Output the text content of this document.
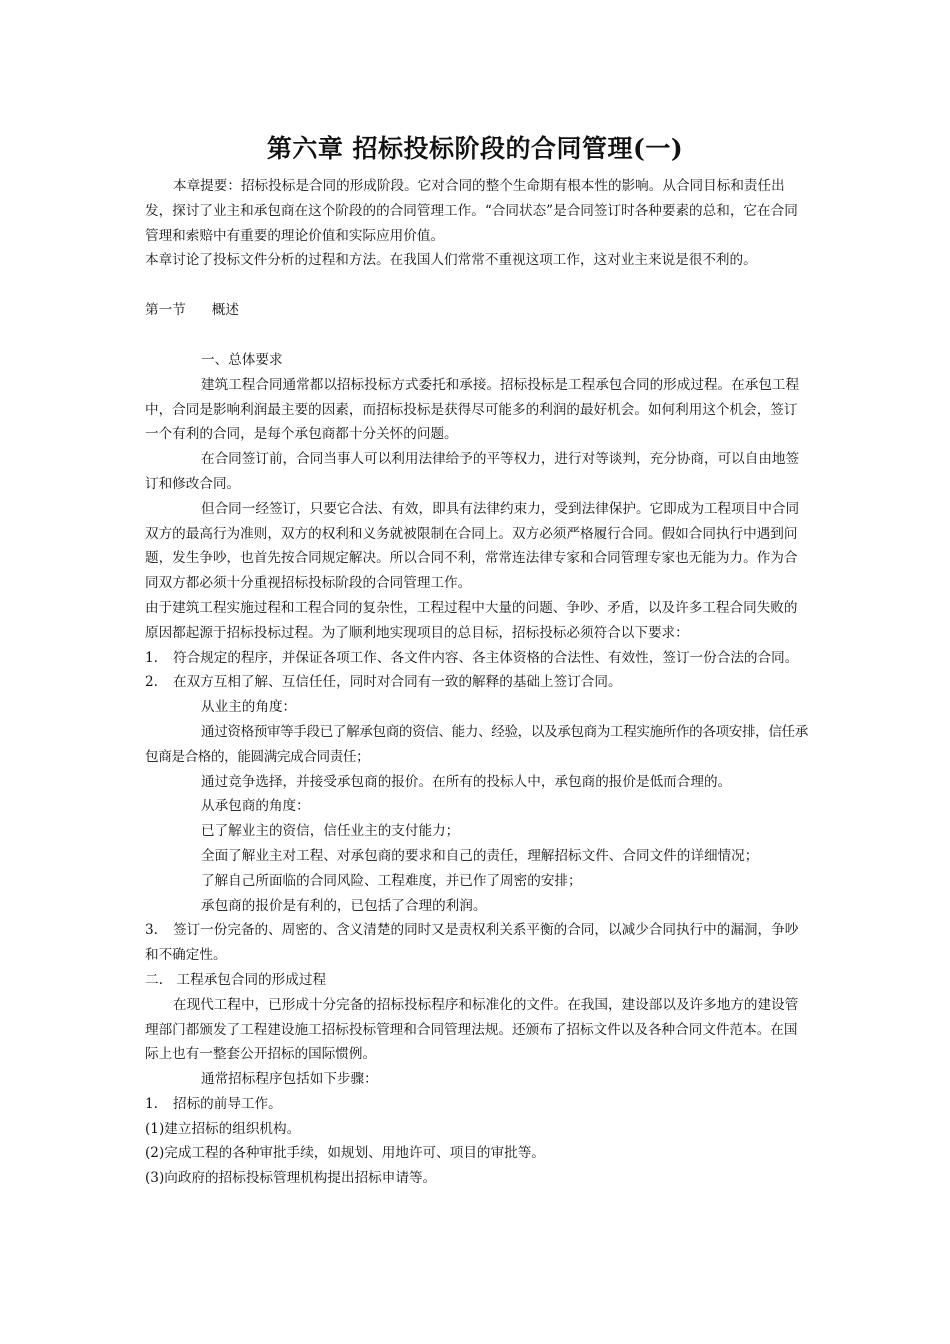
第六章 招标投标阶段的合同管理(一)

本章提要：招标投标是合同的形成阶段。它对合同的整个生命期有根本性的影响。从合同目标和责任出发，探讨了业主和承包商在这个阶段的的合同管理工作。“合同状态”是合同签订时各种要素的总和，它在合同管理和索赔中有重要的理论价值和实际应用价值。

本章讨论了投标文件分析的过程和方法。在我国人们常常不重视这项工作，这对业主来说是很不利的。

第一节 概述

一、总体要求

建筑工程合同通常都以招标投标方式委托和承接。招标投标是工程承包合同的形成过程。在承包工程中，合同是影响利润最主要的因素，而招标投标是获得尽可能多的利润的最好机会。如何利用这个机会，签订一个有利的合同，是每个承包商都十分关怀的问题。

在合同签订前，合同当事人可以利用法律给予的平等权力，进行对等谈判，充分协商，可以自由地签订和修改合同。

但合同一经签订，只要它合法、有效，即具有法律约束力，受到法律保护。它即成为工程项目中合同双方的最高行为准则，双方的权利和义务就被限制在合同上。双方必须严格履行合同。假如合同执行中遇到问题，发生争吵，也首先按合同规定解决。所以合同不利，常常连法律专家和合同管理专家也无能为力。作为合同双方都必须十分重视招标投标阶段的合同管理工作。

由于建筑工程实施过程和工程合同的复杂性，工程过程中大量的问题、争吵、矛盾，以及许多工程合同失败的原因都起源于招标投标过程。为了顺利地实现项目的总目标，招标投标必须符合以下要求：

1. 符合规定的程序，并保证各项工作、各文件内容、各主体资格的合法性、有效性，签订一份合法的合同。

2. 在双方互相了解、互信任任，同时对合同有一致的解释的基础上签订合同。

从业主的角度：

通过资格预审等手段已了解承包商的资信、能力、经验，以及承包商为工程实施所作的各项安排，信任承包商是合格的，能圆满完成合同责任；

通过竞争选择，并接受承包商的报价。在所有的投标人中，承包商的报价是低而合理的。

从承包商的角度：

已了解业主的资信，信任业主的支付能力；

全面了解业主对工程、对承包商的要求和自己的责任，理解招标文件、合同文件的详细情况；

了解自己所面临的合同风险、工程难度，并已作了周密的安排；

承包商的报价是有利的，已包括了合理的利润。

3. 签订一份完备的、周密的、含义清楚的同时又是责权利关系平衡的合同，以减少合同执行中的漏洞，争吵和不确定性。

二.　工程承包合同的形成过程

在现代工程中，已形成十分完备的招标投标程序和标准化的文件。在我国，建设部以及许多地方的建设管理部门都颁发了工程建设施工招标投标管理和合同管理法规。还颁布了招标文件以及各种合同文件范本。在国际上也有一整套公开招标的国际惯例。

通常招标程序包括如下步骤：

1. 招标的前导工作。

(1)建立招标的组织机构。

(2)完成工程的各种审批手续，如规划、用地许可、项目的审批等。

(3)向政府的招标投标管理机构提出招标申请等。
